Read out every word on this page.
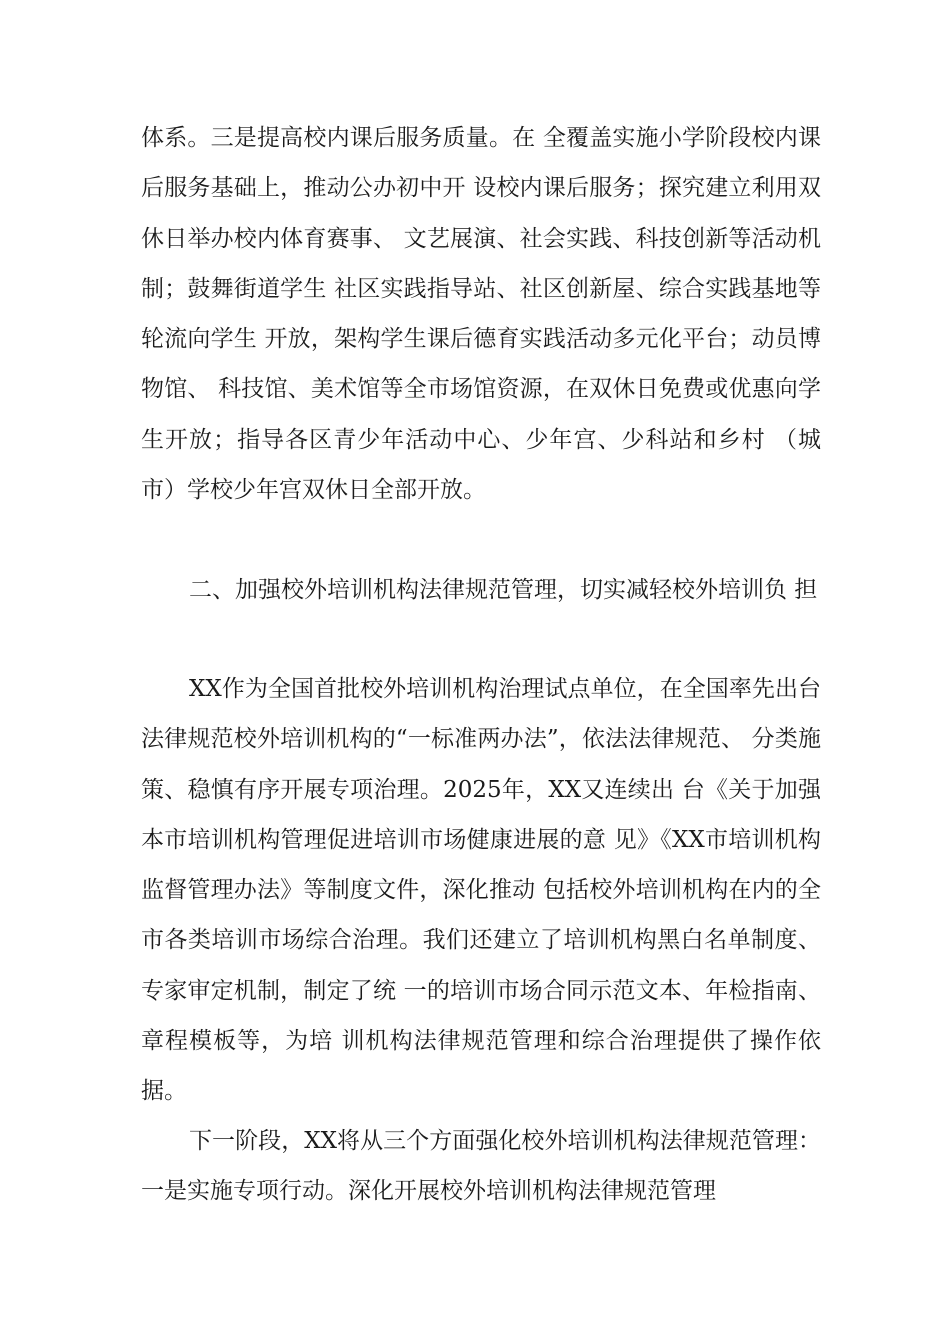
体系。三是提高校内课后服务质量。在 全覆盖实施小学阶段校内课后服务基础上，推动公办初中开 设校内课后服务；探究建立利用双休日举办校内体育赛事、 文艺展演、社会实践、科技创新等活动机制；鼓舞街道学生 社区实践指导站、社区创新屋、综合实践基地等轮流向学生 开放，架构学生课后德育实践活动多元化平台；动员博物馆、 科技馆、美术馆等全市场馆资源，在双休日免费或优惠向学 生开放；指导各区青少年活动中心、少年宫、少科站和乡村 （城市）学校少年宫双休日全部开放。

二、加强校外培训机构法律规范管理，切实减轻校外培训负 担

XX作为全国首批校外培训机构治理试点单位，在全国率先出台法律规范校外培训机构的“一标准两办法”，依法法律规范、 分类施策、稳慎有序开展专项治理。2025年，XX又连续出 台《关于加强本市培训机构管理促进培训市场健康进展的意 见》《XX市培训机构监督管理办法》等制度文件，深化推动 包括校外培训机构在内的全市各类培训市场综合治理。我们还建立了培训机构黑白名单制度、专家审定机制，制定了统 一的培训市场合同示范文本、年检指南、章程模板等，为培 训机构法律规范管理和综合治理提供了操作依据。

下一阶段，XX将从三个方面强化校外培训机构法律规范管理：一是实施专项行动。深化开展校外培训机构法律规范管理
